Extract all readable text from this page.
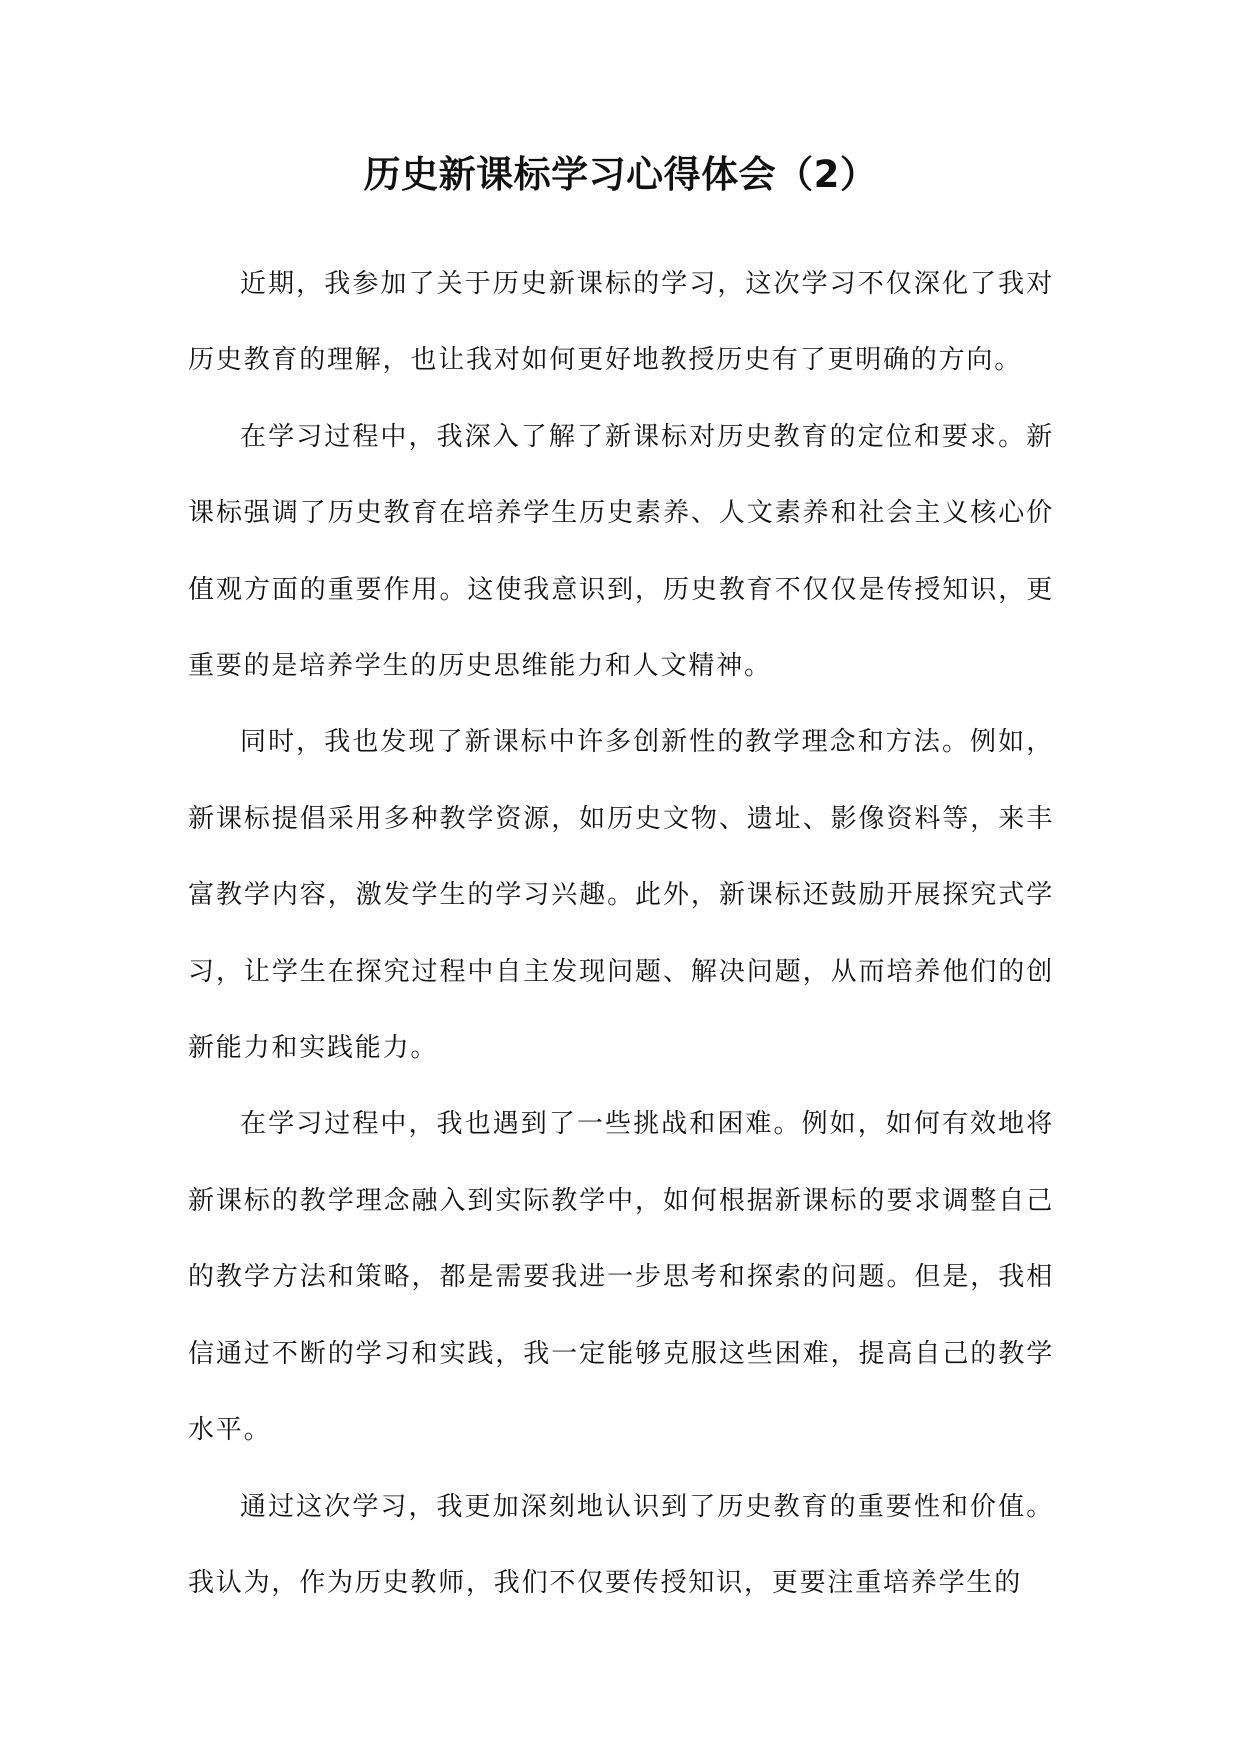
历史新课标学习心得体会（2）

近期，我参加了关于历史新课标的学习，这次学习不仅深化了我对历史教育的理解，也让我对如何更好地教授历史有了更明确的方向。

在学习过程中，我深入了解了新课标对历史教育的定位和要求。新课标强调了历史教育在培养学生历史素养、人文素养和社会主义核心价值观方面的重要作用。这使我意识到，历史教育不仅仅是传授知识，更重要的是培养学生的历史思维能力和人文精神。

同时，我也发现了新课标中许多创新性的教学理念和方法。例如，新课标提倡采用多种教学资源，如历史文物、遗址、影像资料等，来丰富教学内容，激发学生的学习兴趣。此外，新课标还鼓励开展探究式学习，让学生在探究过程中自主发现问题、解决问题，从而培养他们的创新能力和实践能力。

在学习过程中，我也遇到了一些挑战和困难。例如，如何有效地将新课标的教学理念融入到实际教学中，如何根据新课标的要求调整自己的教学方法和策略，都是需要我进一步思考和探索的问题。但是，我相信通过不断的学习和实践，我一定能够克服这些困难，提高自己的教学水平。

通过这次学习，我更加深刻地认识到了历史教育的重要性和价值。我认为，作为历史教师，我们不仅要传授知识，更要注重培养学生的
